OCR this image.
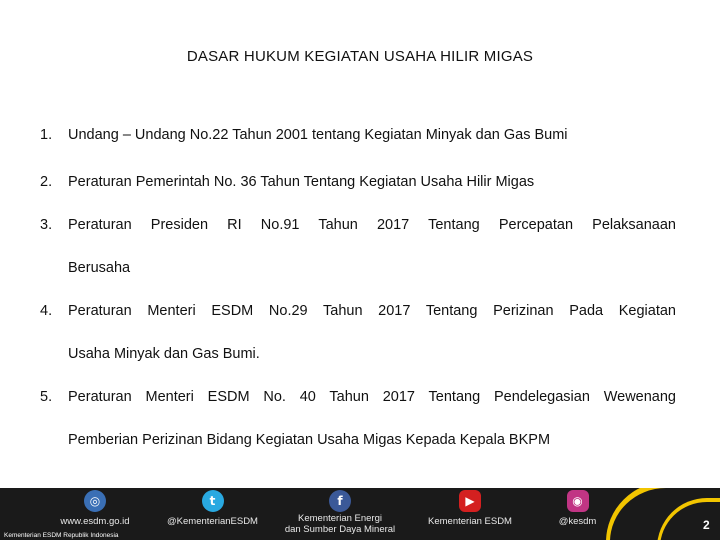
DASAR HUKUM KEGIATAN USAHA HILIR MIGAS
1. Undang – Undang No.22 Tahun 2001 tentang Kegiatan Minyak dan Gas Bumi
2. Peraturan Pemerintah No. 36 Tahun Tentang Kegiatan Usaha Hilir Migas
3. Peraturan Presiden RI No.91 Tahun 2017 Tentang Percepatan Pelaksanaan
Berusaha
4. Peraturan Menteri ESDM No.29 Tahun 2017 Tentang Perizinan Pada Kegiatan
Usaha Minyak dan Gas Bumi.
5. Peraturan Menteri ESDM No. 40 Tahun 2017 Tentang Pendelegasian Wewenang
Pemberian Perizinan Bidang Kegiatan Usaha Migas Kepada Kepala BKPM
◎
www.esdm.go.id
t
@KementerianESDM
f
Kementerian Energi
dan Sumber Daya Mineral
▶
Kementerian ESDM
◉
@kesdm
Kementerian ESDM Republik Indonesia
2
